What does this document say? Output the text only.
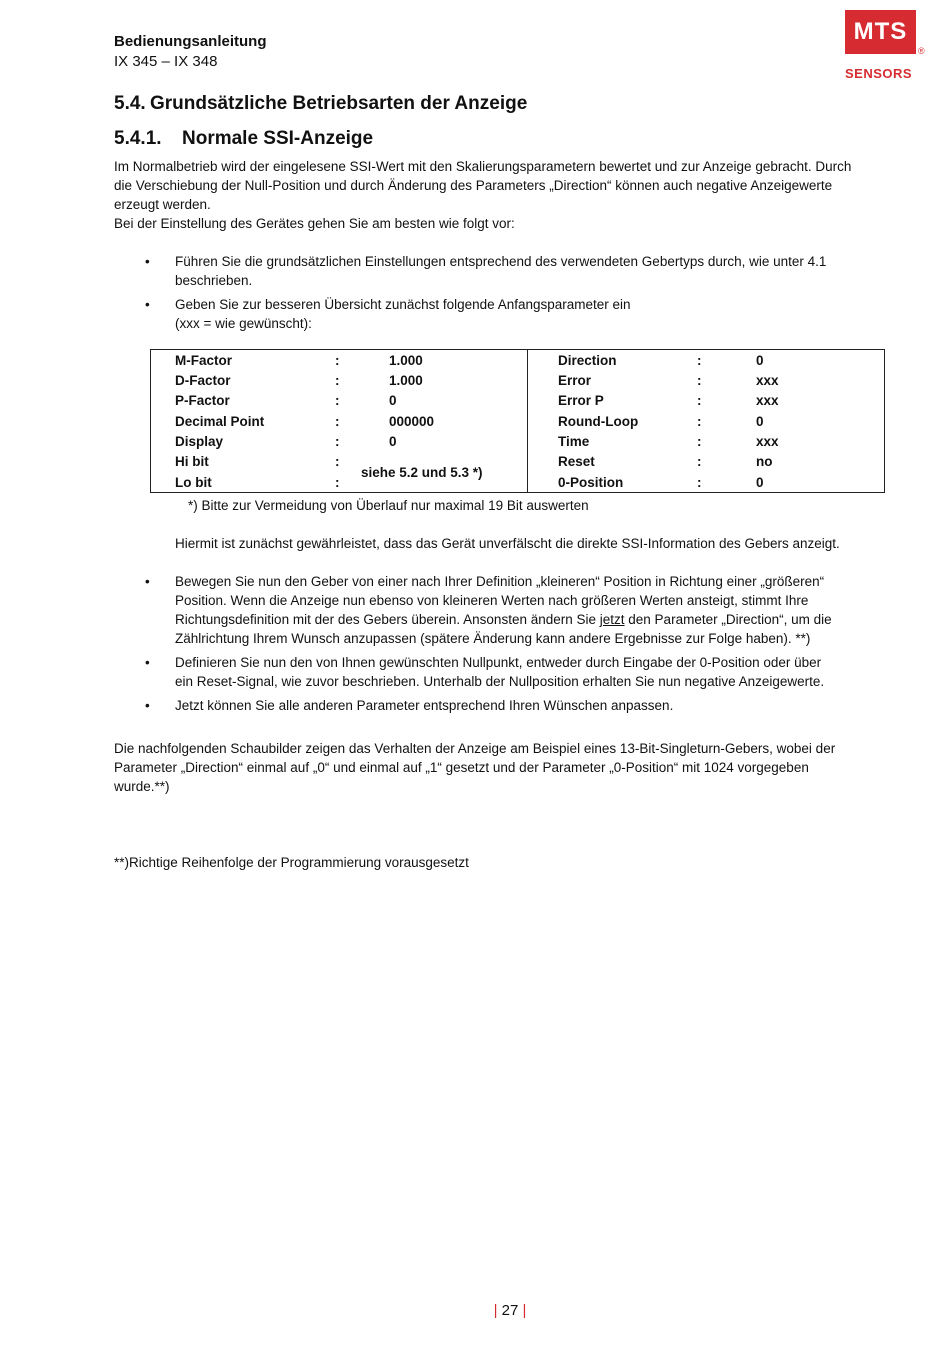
Bedienungsanleitung
IX 345 – IX 348
MTS
®
SENSORS
5.4. Grundsätzliche Betriebsarten der Anzeige
5.4.1. Normale SSI-Anzeige
Im Normalbetrieb wird der eingelesene SSI-Wert mit den Skalierungsparametern bewertet und zur Anzeige gebracht. Durch
die Verschiebung der Null-Position und durch Änderung des Parameters „Direction“ können auch negative Anzeigewerte
erzeugt werden.
Bei der Einstellung des Gerätes gehen Sie am besten wie folgt vor:
•	Führen Sie die grundsätzlichen Einstellungen entsprechend des verwendeten Gebertyps durch, wie unter 4.1
beschrieben.
•	Geben Sie zur besseren Übersicht zunächst folgende Anfangsparameter ein
(xxx = wie gewünscht):
M-Factor	:	1.000
D-Factor	:	1.000
P-Factor	:	0
Decimal Point	:	000000
Display	:	0
Hi bit	:
siehe 5.2 und 5.3 *)
Lo bit	:
Direction	:	0
Error	:	xxx
Error P	:	xxx
Round-Loop	:	0
Time	:	xxx
Reset	:	no
0-Position	:	0
*) Bitte zur Vermeidung von Überlauf nur maximal 19 Bit auswerten
Hiermit ist zunächst gewährleistet, dass das Gerät unverfälscht die direkte SSI-Information des Gebers anzeigt.
•	Bewegen Sie nun den Geber von einer nach Ihrer Definition „kleineren“ Position in Richtung einer „größeren“
Position. Wenn die Anzeige nun ebenso von kleineren Werten nach größeren Werten ansteigt, stimmt Ihre
Richtungsdefinition mit der des Gebers überein. Ansonsten ändern Sie jetzt den Parameter „Direction“, um die
Zählrichtung Ihrem Wunsch anzupassen (spätere Änderung kann andere Ergebnisse zur Folge haben). **)
•	Definieren Sie nun den von Ihnen gewünschten Nullpunkt, entweder durch Eingabe der 0-Position oder über
ein Reset-Signal, wie zuvor beschrieben. Unterhalb der Nullposition erhalten Sie nun negative Anzeigewerte.
•	Jetzt können Sie alle anderen Parameter entsprechend Ihren Wünschen anpassen.
Die nachfolgenden Schaubilder zeigen das Verhalten der Anzeige am Beispiel eines 13-Bit-Singleturn-Gebers, wobei der
Parameter „Direction“ einmal auf „0“ und einmal auf „1“ gesetzt und der Parameter „0-Position“ mit 1024 vorgegeben
wurde.**)
**)Richtige Reihenfolge der Programmierung vorausgesetzt
| 27 |
